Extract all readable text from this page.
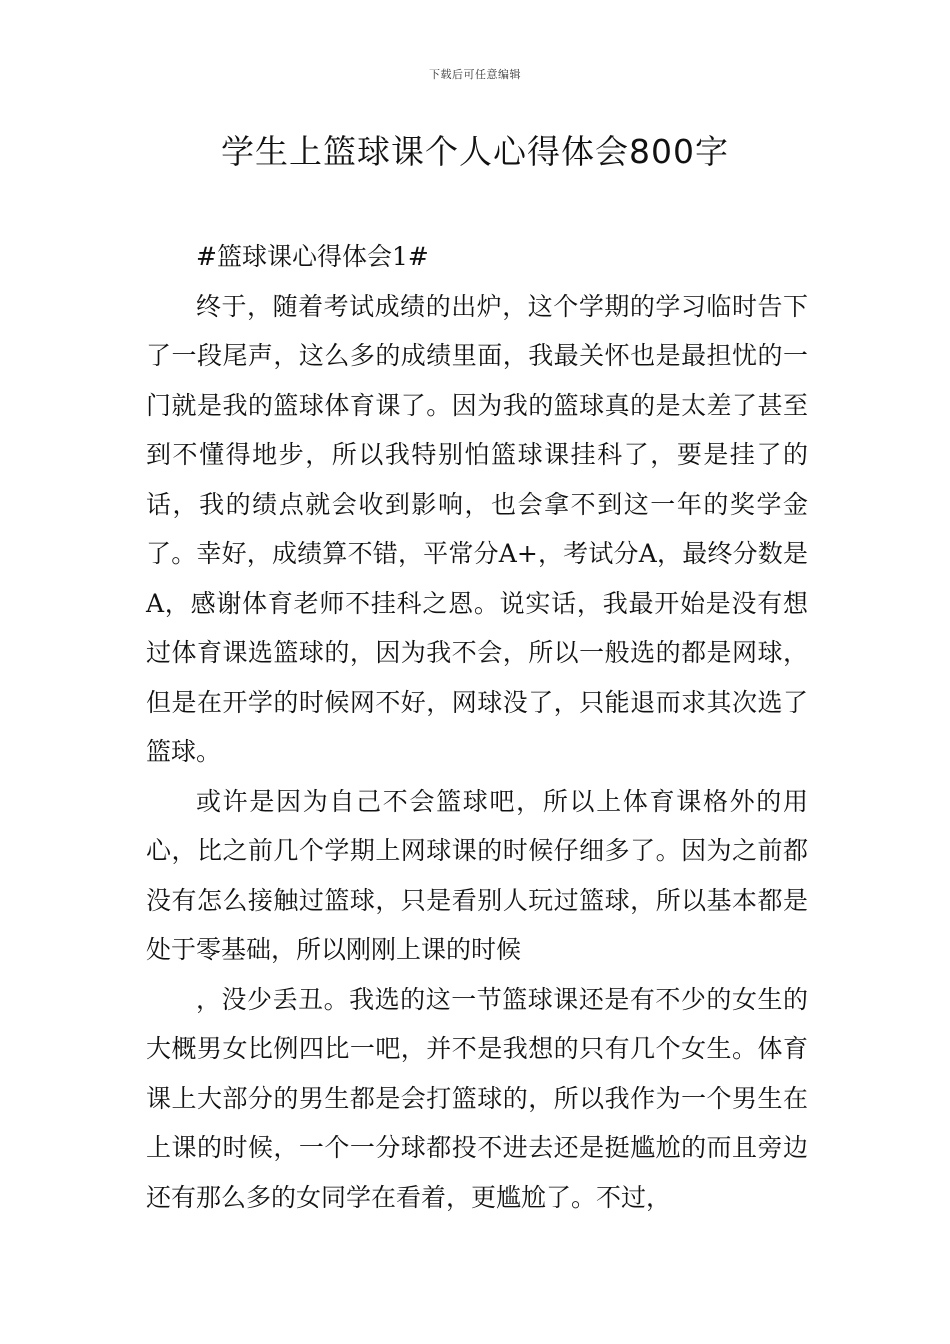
下载后可任意编辑
学生上篮球课个人心得体会800字

#篮球课心得体会1#

终于，随着考试成绩的出炉，这个学期的学习临时告下了一段尾声，这么多的成绩里面，我最关怀也是最担忧的一门就是我的篮球体育课了。因为我的篮球真的是太差了甚至到不懂得地步，所以我特别怕篮球课挂科了，要是挂了的话，我的绩点就会收到影响，也会拿不到这一年的奖学金了。幸好，成绩算不错，平常分A+，考试分A，最终分数是A，感谢体育老师不挂科之恩。说实话，我最开始是没有想过体育课选篮球的，因为我不会，所以一般选的都是网球，但是在开学的时候网不好，网球没了，只能退而求其次选了篮球。

或许是因为自己不会篮球吧，所以上体育课格外的用心，比之前几个学期上网球课的时候仔细多了。因为之前都没有怎么接触过篮球，只是看别人玩过篮球，所以基本都是处于零基础，所以刚刚上课的时候

，没少丢丑。我选的这一节篮球课还是有不少的女生的大概男女比例四比一吧，并不是我想的只有几个女生。体育课上大部分的男生都是会打篮球的，所以我作为一个男生在上课的时候，一个一分球都投不进去还是挺尴尬的而且旁边还有那么多的女同学在看着，更尴尬了。不过，
